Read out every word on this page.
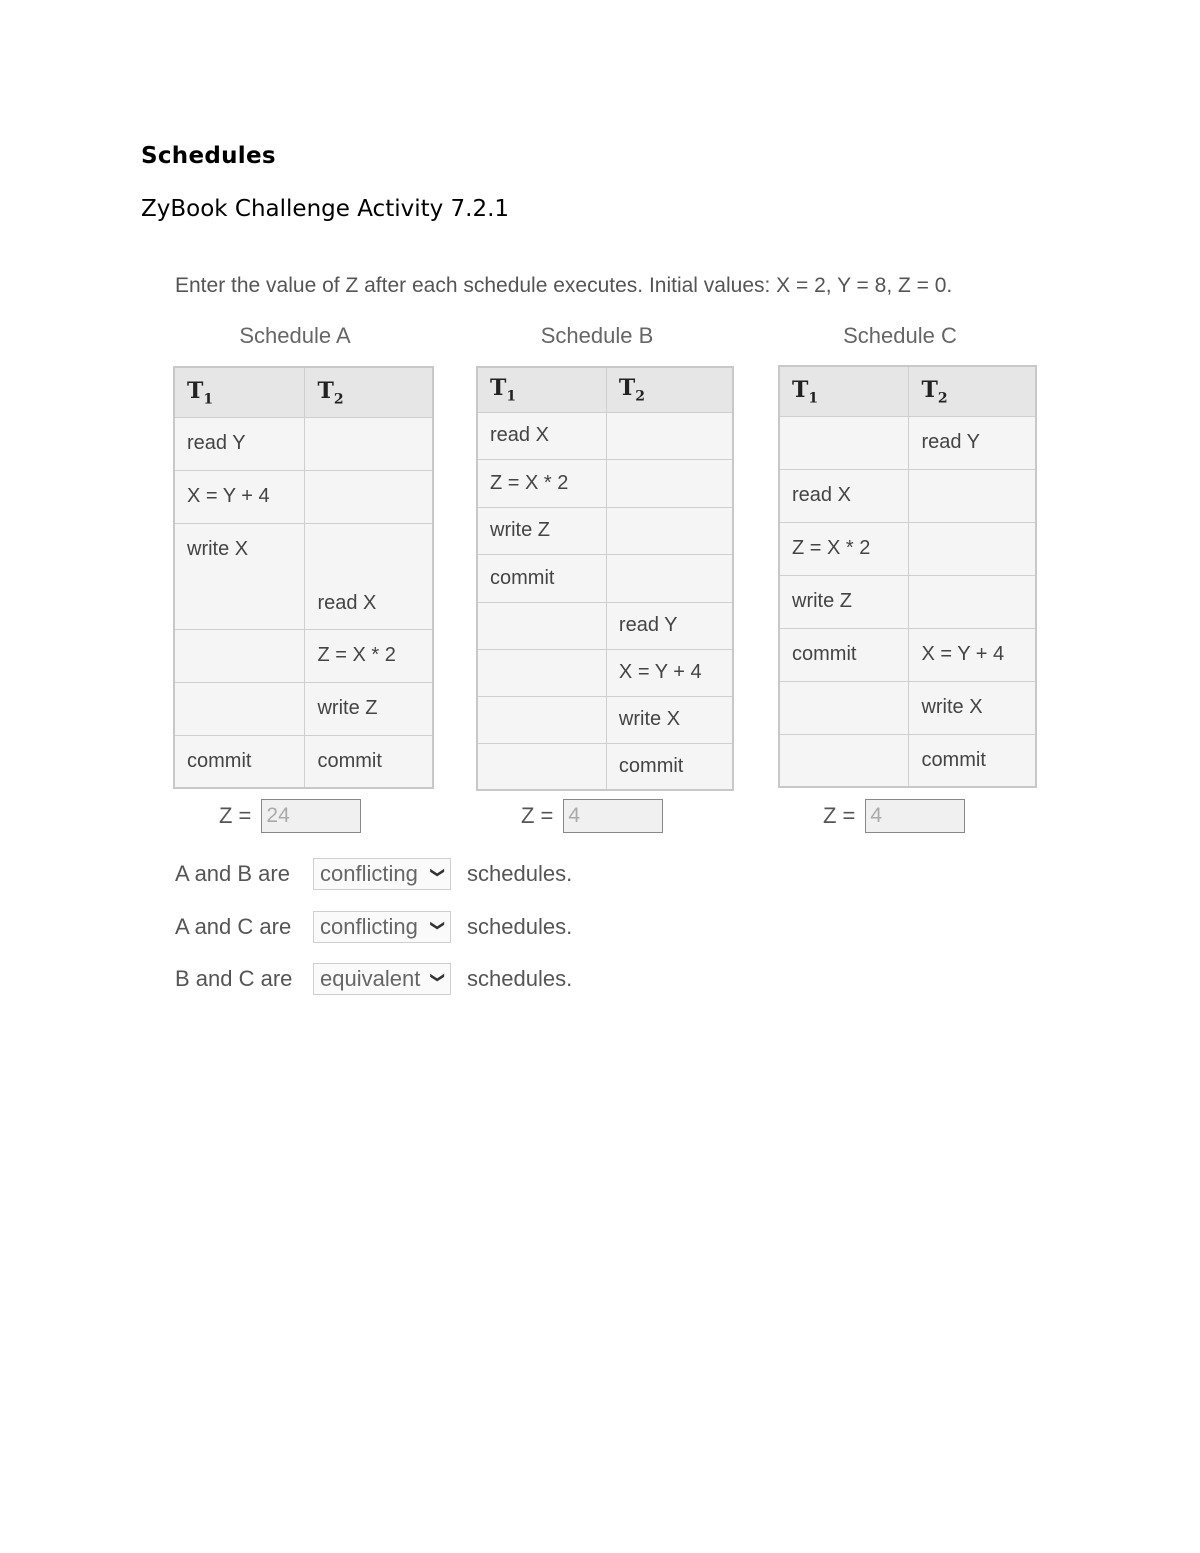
Schedules
ZyBook Challenge Activity 7.2.1
Enter the value of Z after each schedule executes. Initial values: X = 2, Y = 8, Z = 0.
Schedule A	Schedule B	Schedule C
$T_1$	$T_2$
read Y	
X = Y + 4	

write X	read X

	Z = X * 2
	write Z
commit	commit
$T_1$	$T_2$
read X	
Z = X * 2	
write Z	
commit	
	read Y
	X = Y + 4
	write X
	commit
$T_1$	$T_2$
	read Y
read X	
Z = X * 2	
write Z	
commit	X = Y + 4
	write X
	commit
Z = 24	Z = 4	Z = 4
A and B are	conflicting ❯ schedules.
A and C are	conflicting ❯ schedules.
B and C are	equivalent ❯ schedules.
